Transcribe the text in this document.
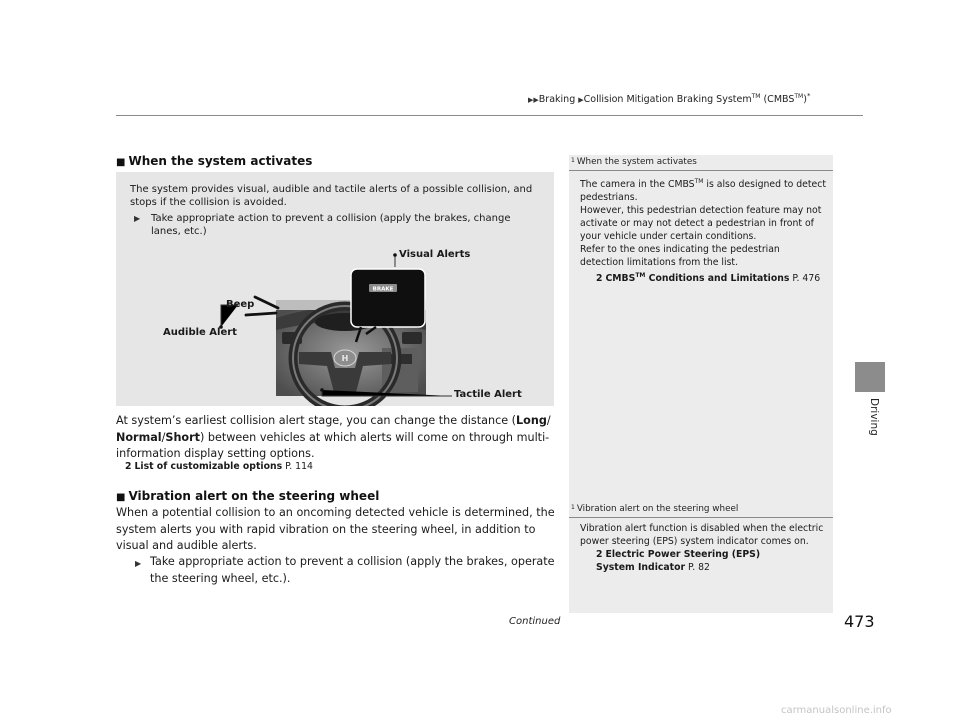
▶▶Braking ▶Collision Mitigation Braking System™ (CMBS™)*
Driving
■ When the system activates
The system provides visual, audible and tactile alerts of a possible collision, and stops if the collision is avoided.
▶ Take appropriate action to prevent a collision (apply the brakes, change lanes, etc.)
H
BRAKE
Visual Alerts
Beep
Audible Alert
Tactile Alert
At system’s earliest collision alert stage, you can change the distance (Long/ Normal/Short) between vehicles at which alerts will come on through multi-information display setting options.
2 List of customizable options P. 114
■ Vibration alert on the steering wheel
When a potential collision to an oncoming detected vehicle is determined, the system alerts you with rapid vibration on the steering wheel, in addition to visual and audible alerts.
▶ Take appropriate action to prevent a collision (apply the brakes, operate the steering wheel, etc.).
$^1$ When the system activates
The camera in the CMBS™ is also designed to detect pedestrians.
However, this pedestrian detection feature may not activate or may not detect a pedestrian in front of your vehicle under certain conditions.
Refer to the ones indicating the pedestrian detection limitations from the list.
2 CMBS™ Conditions and Limitations P. 476
$^1$ Vibration alert on the steering wheel
Vibration alert function is disabled when the electric power steering (EPS) system indicator comes on.
2 Electric Power Steering (EPS) System Indicator P. 82
Continued	473
carmanualsonline.info
